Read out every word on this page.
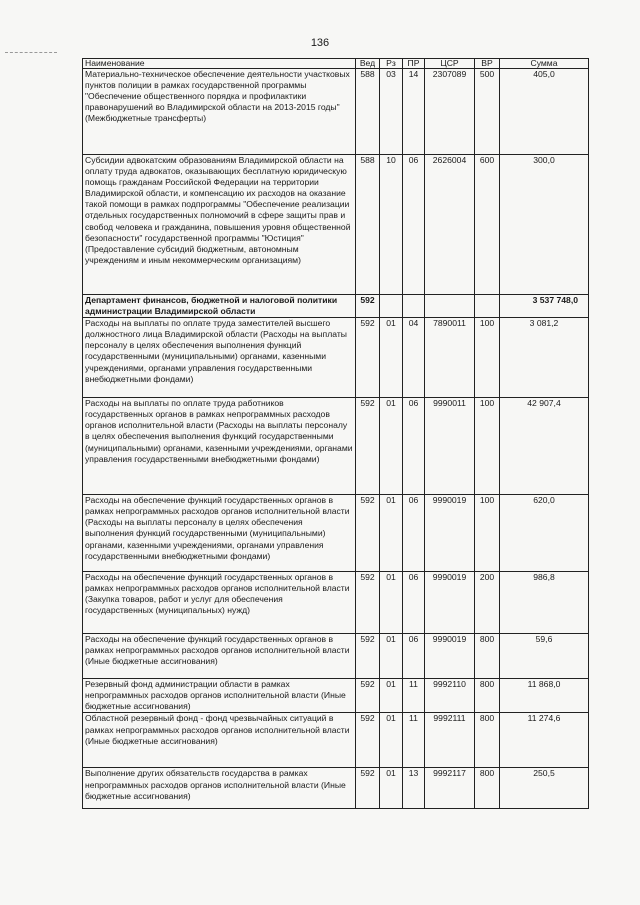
136
Наименование	Вед	Рз	ПР	ЦСР	ВР	Сумма
Материально-техническое обеспечение деятельности участковых пунктов полиции в рамках государственной программы "Обеспечение общественного порядка и профилактики правонарушений во Владимирской области на 2013-2015 годы" (Межбюджетные трансферты)	588	03	14	2307089	500	405,0
Субсидии адвокатским образованиям Владимирской области на оплату труда адвокатов, оказывающих бесплатную юридическую помощь гражданам Российской Федерации на территории Владимирской области, и компенсацию их расходов на оказание такой помощи в рамках подпрограммы "Обеспечение реализации отдельных государственных полномочий в сфере защиты прав и свобод человека и гражданина, повышения уровня общественной безопасности" государственной программы "Юстиция" (Предоставление субсидий бюджетным, автономным учреждениям и иным некоммерческим организациям)	588	10	06	2626004	600	300,0
Департамент финансов, бюджетной и налоговой политики администрации Владимирской области	592					3 537 748,0
Расходы на выплаты по оплате труда заместителей высшего должностного лица Владимирской области (Расходы на выплаты персоналу в целях обеспечения выполнения функций государственными (муниципальными) органами, казенными учреждениями, органами управления государственными внебюджетными фондами)	592	01	04	7890011	100	3 081,2
Расходы на выплаты по оплате труда работников государственных органов в рамках непрограммных расходов органов исполнительной власти (Расходы на выплаты персоналу в целях обеспечения выполнения функций государственными (муниципальными) органами, казенными учреждениями, органами управления государственными внебюджетными фондами)	592	01	06	9990011	100	42 907,4
Расходы на обеспечение функций государственных органов в рамках непрограммных расходов органов исполнительной власти (Расходы на выплаты персоналу в целях обеспечения выполнения функций государственными (муниципальными) органами, казенными учреждениями, органами управления государственными внебюджетными фондами)	592	01	06	9990019	100	620,0
Расходы на обеспечение функций государственных органов в рамках непрограммных расходов органов исполнительной власти (Закупка товаров, работ и услуг для обеспечения государственных (муниципальных) нужд)	592	01	06	9990019	200	986,8
Расходы на обеспечение функций государственных органов в рамках непрограммных расходов органов исполнительной власти (Иные бюджетные ассигнования)	592	01	06	9990019	800	59,6
Резервный фонд администрации области в рамках непрограммных расходов органов исполнительной власти (Иные бюджетные ассигнования)	592	01	11	9992110	800	11 868,0
Областной резервный фонд - фонд чрезвычайных ситуаций в рамках непрограммных расходов органов исполнительной власти (Иные бюджетные ассигнования)	592	01	11	9992111	800	11 274,6
Выполнение других обязательств государства в рамках непрограммных расходов органов исполнительной власти (Иные бюджетные ассигнования)	592	01	13	9992117	800	250,5
